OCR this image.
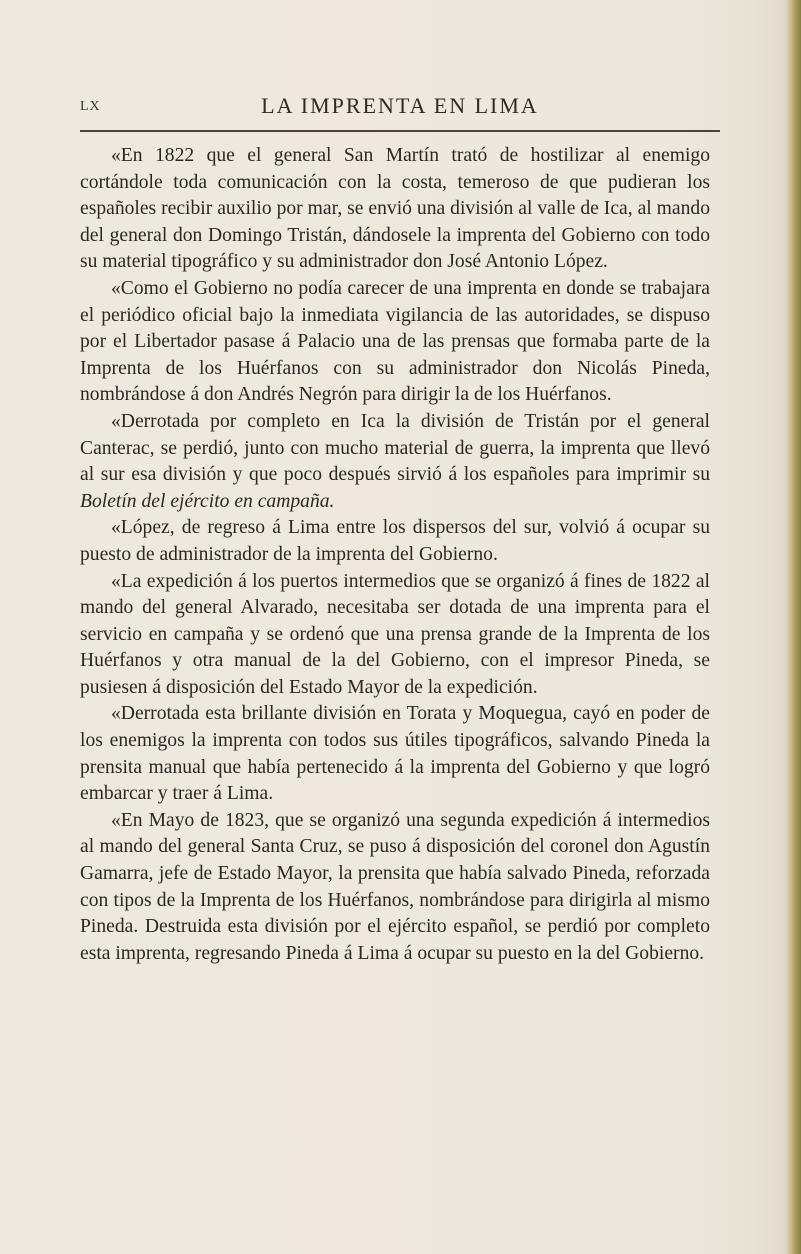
LX	LA IMPRENTA EN LIMA

«En 1822 que el general San Martín trató de hostilizar al enemigo cortándole toda comunicación con la costa, temeroso de que pudieran los españoles recibir auxilio por mar, se envió una división al valle de Ica, al mando del general don Domingo Tristán, dándosele la imprenta del Gobierno con todo su material tipográfico y su administrador don José Antonio López.

«Como el Gobierno no podía carecer de una imprenta en donde se trabajara el periódico oficial bajo la inmediata vigilancia de las autoridades, se dispuso por el Libertador pasase á Palacio una de las prensas que formaba parte de la Imprenta de los Huérfanos con su administrador don Nicolás Pineda, nombrándose á don Andrés Negrón para dirigir la de los Huérfanos.

«Derrotada por completo en Ica la división de Tristán por el general Canterac, se perdió, junto con mucho material de guerra, la imprenta que llevó al sur esa división y que poco después sirvió á los españoles para imprimir su Boletín del ejército en campaña.

«López, de regreso á Lima entre los dispersos del sur, volvió á ocupar su puesto de administrador de la imprenta del Gobierno.

«La expedición á los puertos intermedios que se organizó á fines de 1822 al mando del general Alvarado, necesitaba ser dotada de una imprenta para el servicio en campaña y se ordenó que una prensa grande de la Imprenta de los Huérfanos y otra manual de la del Gobierno, con el impresor Pineda, se pusiesen á disposición del Estado Mayor de la expedición.

«Derrotada esta brillante división en Torata y Moquegua, cayó en poder de los enemigos la imprenta con todos sus útiles tipográficos, salvando Pineda la prensita manual que había pertenecido á la imprenta del Gobierno y que logró embarcar y traer á Lima.

«En Mayo de 1823, que se organizó una segunda expedición á intermedios al mando del general Santa Cruz, se puso á disposición del coronel don Agustín Gamarra, jefe de Estado Mayor, la prensita que había salvado Pineda, reforzada con tipos de la Imprenta de los Huérfanos, nombrándose para dirigirla al mismo Pineda. Destruida esta división por el ejército español, se perdió por completo esta imprenta, regresando Pineda á Lima á ocupar su puesto en la del Gobierno.
